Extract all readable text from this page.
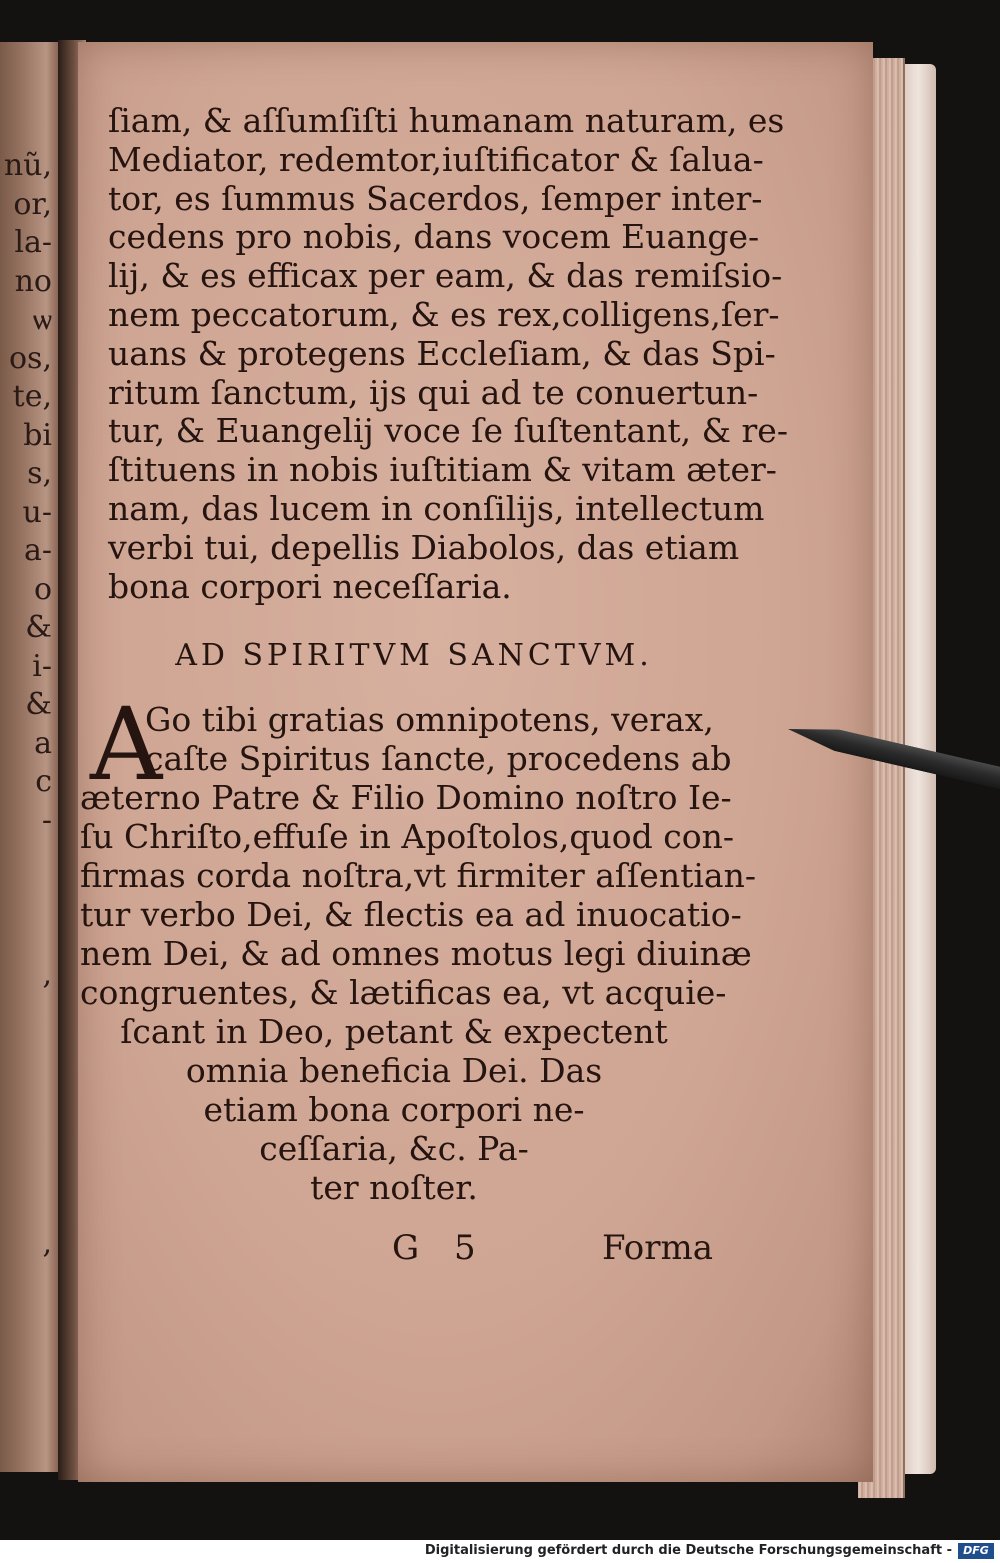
nũ,
or,
la-
no
ѡ
os,
te,
bi
s,
u-
a-
o
&
i-
&
a
c
-
,
,
ſiam, & aſſumſiſti humanam naturam, es
Mediator, redemtor,iuſtificator & ſalua-
tor, es ſummus Sacerdos, ſemper inter-
cedens pro nobis, dans vocem Euange-
lij, & es efficax per eam, & das remiſsio-
nem peccatorum, & es rex,colligens,ſer-
uans & protegens Eccleſiam, & das Spi-
ritum ſanctum, ijs qui ad te conuertun-
tur, & Euangelij voce ſe ſuſtentant, & re-
ſtituens in nobis iuſtitiam & vitam æter-
nam, das lucem in conſilijs, intellectum
verbi tui, depellis Diabolos, das etiam
bona corpori neceſſaria.
AD SPIRITVM SANCTVM.
A
Go tibi gratias omnipotens, verax,
caſte Spiritus ſancte, procedens ab
æterno Patre & Filio Domino noſtro Ie-
ſu Chriſto,effuſe in Apoſtolos,quod con-
firmas corda noſtra,vt firmiter aſſentian-
tur verbo Dei, & flectis ea ad inuocatio-
nem Dei, & ad omnes motus legi diuinæ
congruentes, & lætificas ea, vt acquie-
ſcant in Deo, petant & expectent
omnia beneficia Dei. Das
etiam bona corpori ne-
ceſſaria, &c. Pa-
ter noſter.
G 5	Forma
Digitalisierung gefördert durch die Deutsche Forschungsgemeinschaft -	DFG
